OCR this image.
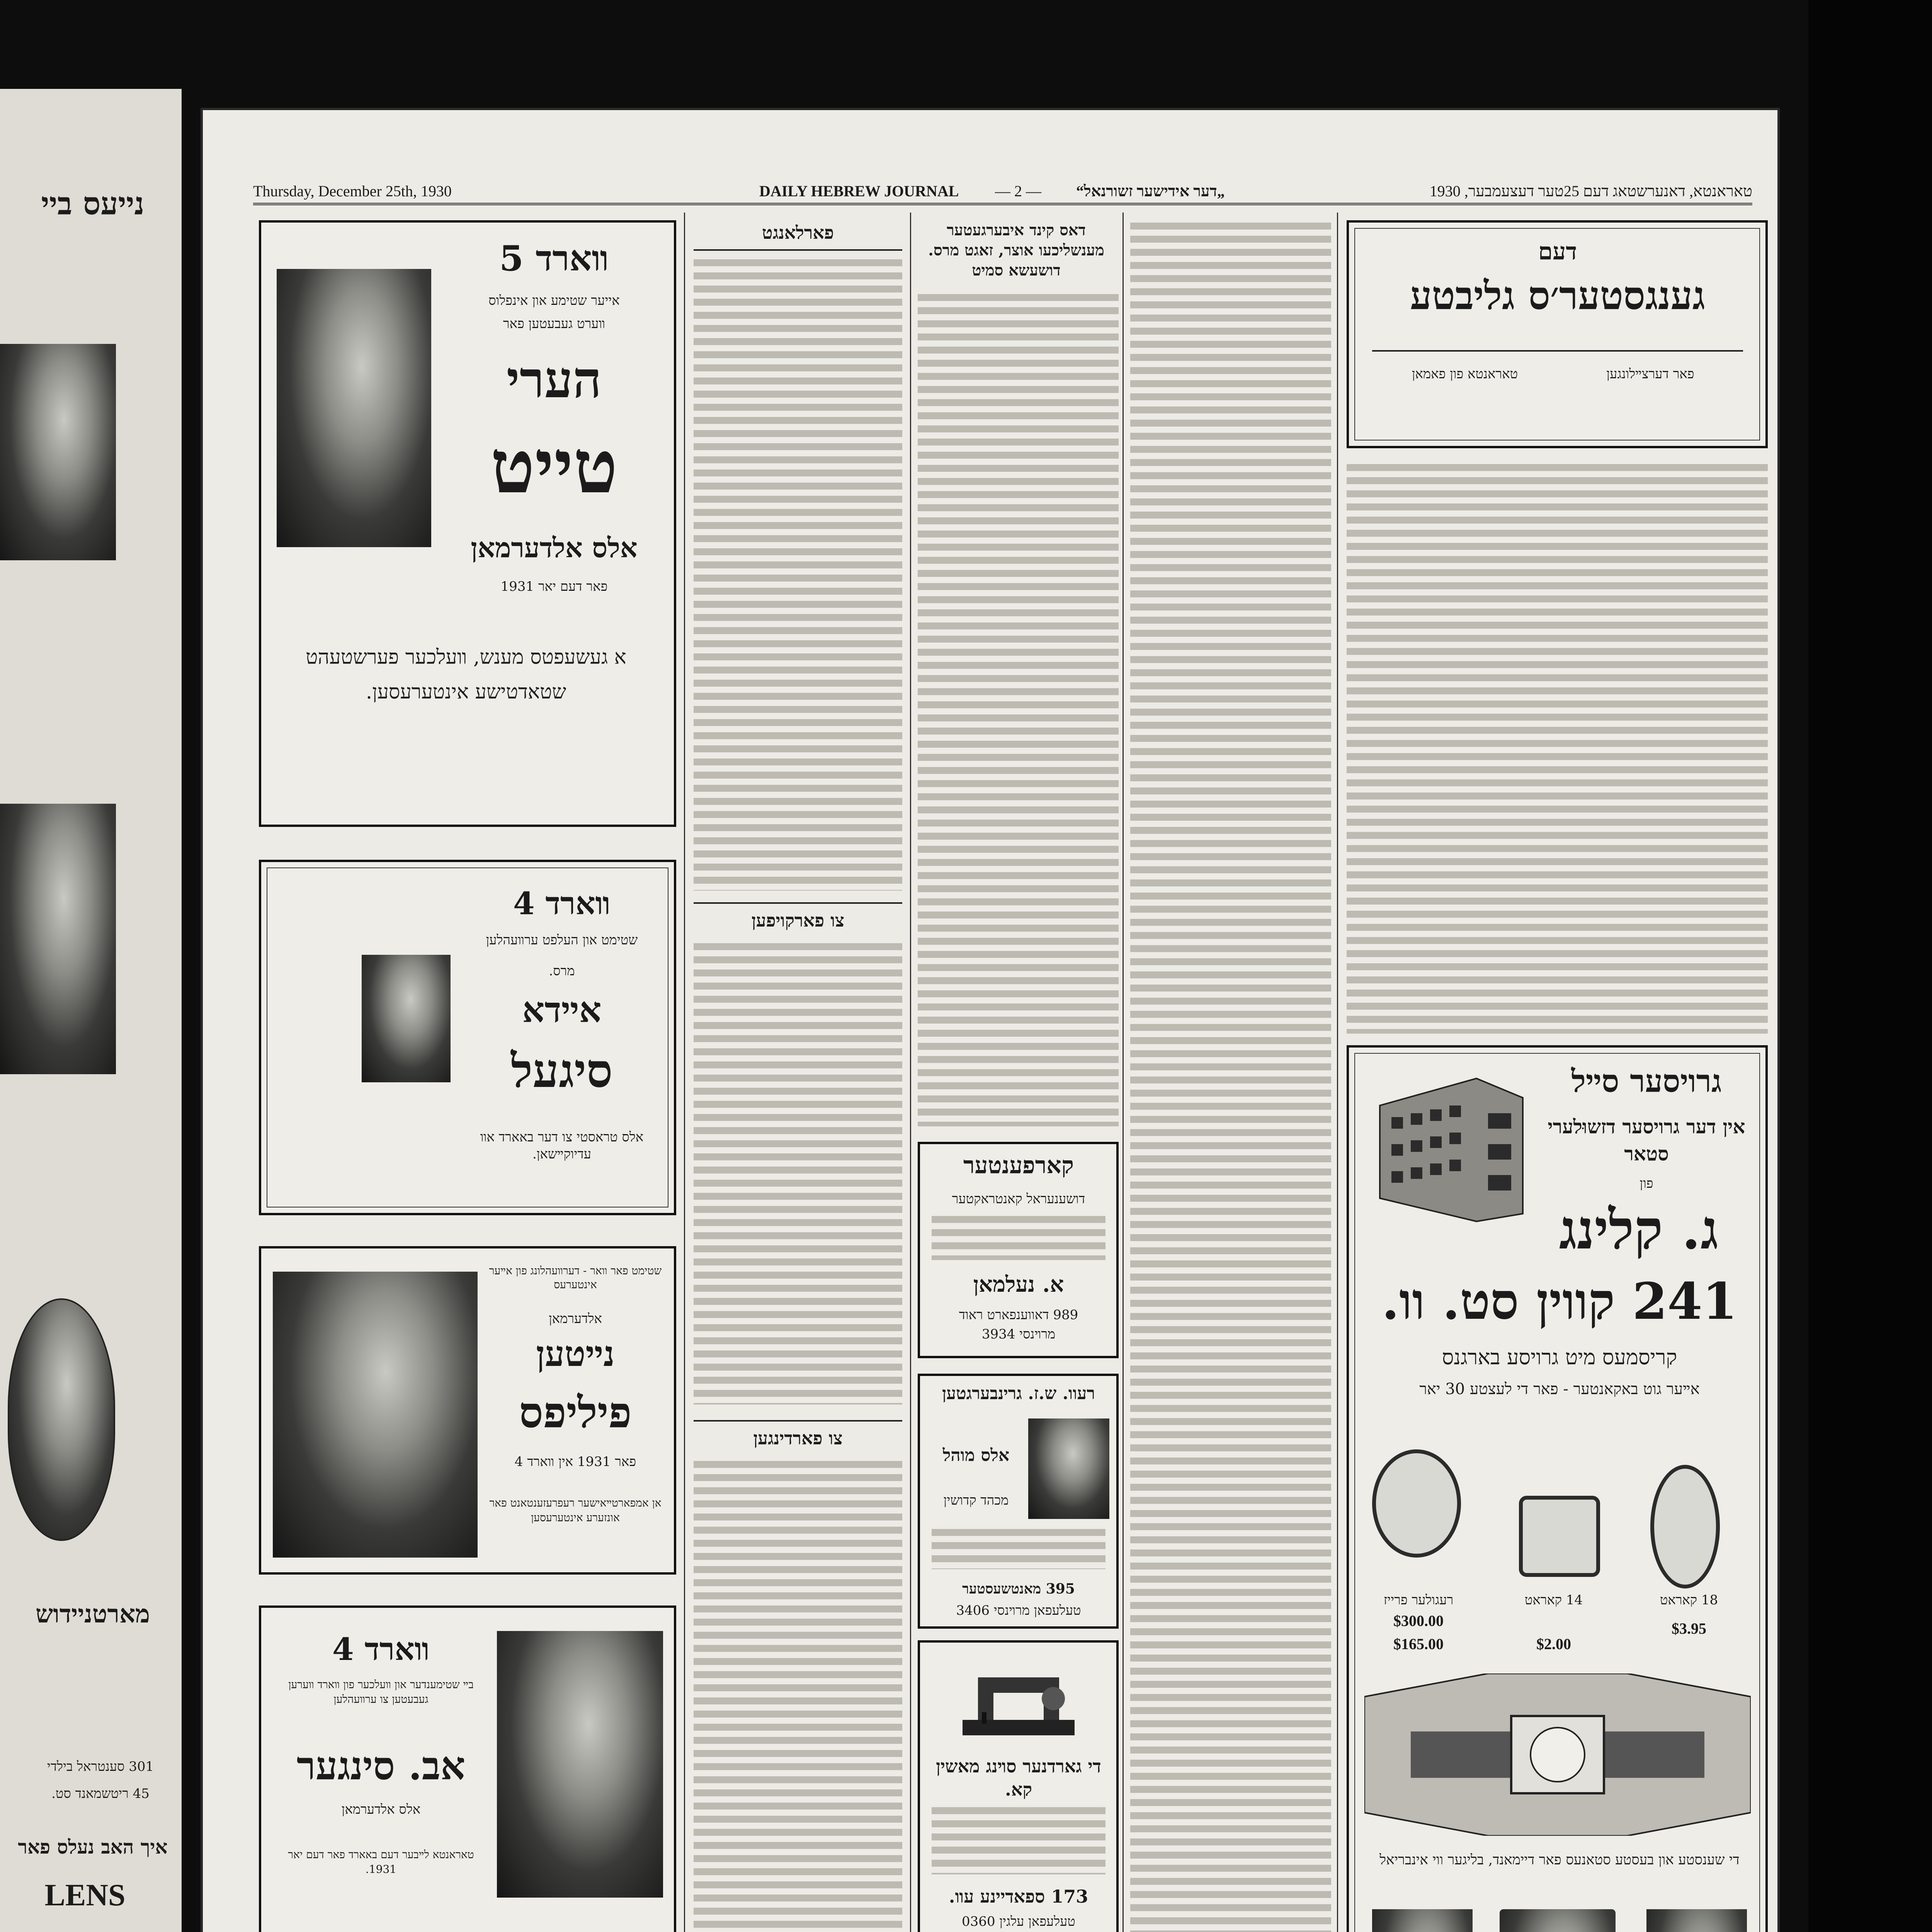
נייעס ביי
מארטניידוש
301 סענטראל בילדי
45 ריטשמאנד סט.
איך האב נעלס פאר
LENS
Thursday, December 25th, 1930	DAILY HEBREW JOURNAL — 2 — „דער אידישער זשורנאל“	טאראנטא, דאנערשטאג דעם 25טער דעצעמבער, 1930
װארד 5
אייער שטימע און אינפלוס
װערט געבעטען פאר
הערי
טייט
אלס אלדערמאן
פאר דעם יאר 1931
א געשעפטס מענש, װעלכער פערשטעהט שטאדטישע אינטערעסען.
װארד 4
שטימט און העלפט ערװעהלען
מרס.
אײדא
סיגעל
אלס טראסטי צו דער באארד אװ עדיוקײשאן.
שטימט פאר װאר - דערװעהלונג פון אײער אינטערעס
אלדערמאן
נײטען
פיליפס
פאר 1931 אין װארד 4
אן אמפארטײאישער רעפרעזענטאנט פאר אונזערע אינטערעסען
װארד 4
בײ שטימענדער און װעלכער פון װארד װערען געבעטען צו ערװעהלען
אב. סינגער
אלס אלדערמאן
טאראנטא לײבער דעם באארד פאר דעם יאר 1931.
פארלאנגט
צו פארקויפען
צו פארדינגען
דאס קינד איבערגעטער מענשליכעו אוצר, זאגט מרס. דושעשא סמיט
קארפענטער
דושענעראל קאנטראקטער
א. נעלמאן
989 דאווענפארט ראוד
מרױנסי 3934
רעוו. ש.ז. גרינבערגטען
אלס מוהל
מכהד קדושין
395 מאנטשעסטער
טעלעפאן מרױנסי 3406
די גארדנער סױנג מאשין קא.
173 ספאדיינע עװ.
טעלעפאן עלגין 0360
דעם
גענגסטער׳ס גליבטע
פאר דערצײלונגען
טאראנטא פון פאמאן
גרויסער סײל
אין דער גרויסער דזשוּלערי סטאר
פון
ג. קלינג
241 קווין סט. וו.
קריסמעס מיט גרויסע בארגנס
אײער גוט באקאנטער - פאר די לעצטע 30 יאר
רעגולער פרייז
$300.00
$165.00
14 קאראט
$2.00
18 קאראט
$3.95
די שענסטע און בעסטע סטאנעס פאר דיימאנד, בליגער ווי אינבריאל
